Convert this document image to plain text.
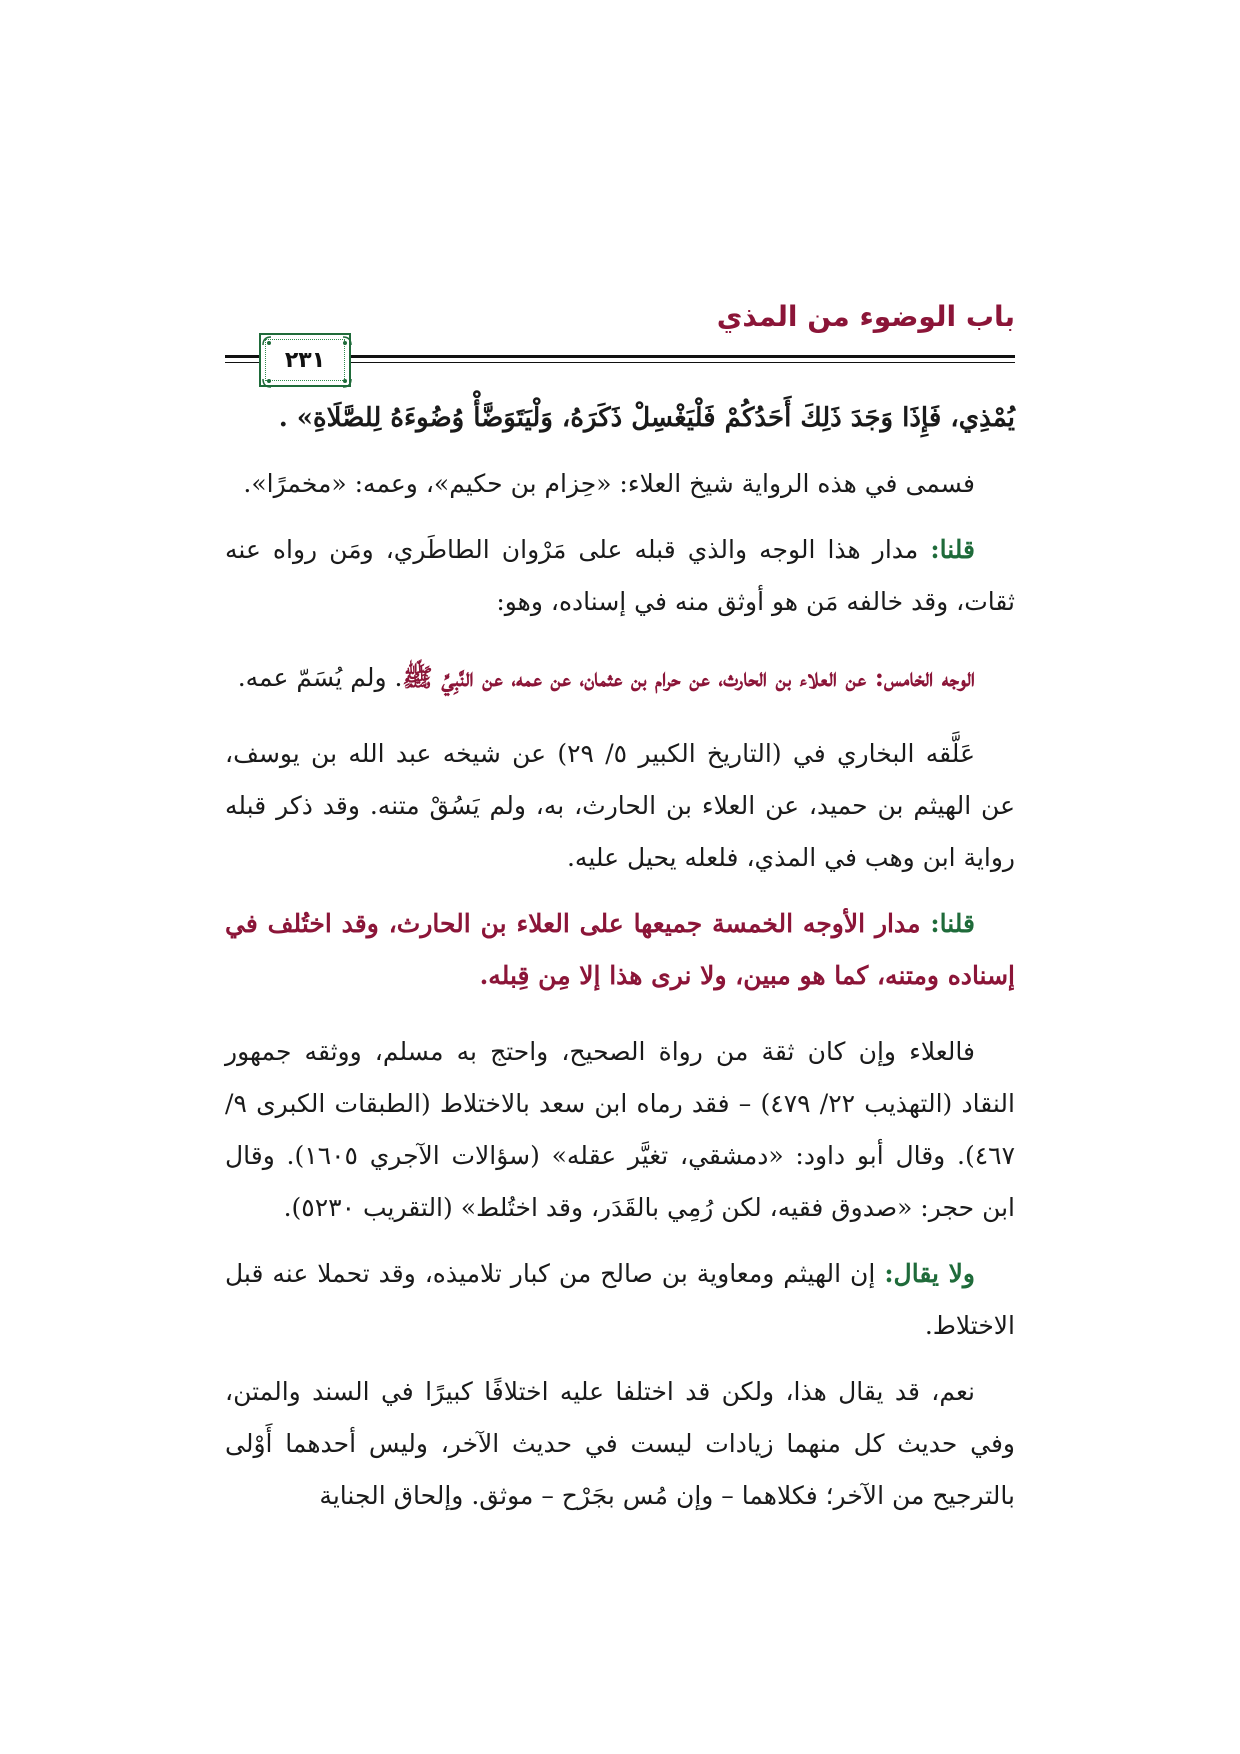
باب الوضوء من المذي
٢٣١

يُمْذِي، فَإِذَا وَجَدَ ذَلِكَ أَحَدُكُمْ فَلْيَغْسِلْ ذَكَرَهُ، وَلْيَتَوَضَّأْ وُضُوءَهُ لِلصَّلَاةِ» .

فسمى في هذه الرواية شيخ العلاء: «حِزام بن حكيم»، وعمه: «مخمرًا».

قلنا: مدار هذا الوجه والذي قبله على مَرْوان الطاطَري، ومَن رواه عنه ثقات، وقد خالفه مَن هو أوثق منه في إسناده، وهو:

الوجه الخامس: عن العلاء بن الحارث، عن حرام بن عثمان، عن عمه، عن النَّبِيِّ ﷺ. ولم يُسَمّ عمه.

عَلَّقه البخاري في (التاريخ الكبير ٥/ ٢٩) عن شيخه عبد الله بن يوسف، عن الهيثم بن حميد، عن العلاء بن الحارث، به، ولم يَسُقْ متنه. وقد ذكر قبله رواية ابن وهب في المذي، فلعله يحيل عليه.

قلنا: مدار الأوجه الخمسة جميعها على العلاء بن الحارث، وقد اختُلف في إسناده ومتنه، كما هو مبين، ولا نرى هذا إلا مِن قِبله.

فالعلاء وإن كان ثقة من رواة الصحيح، واحتج به مسلم، ووثقه جمهور النقاد (التهذيب ٢٢/ ٤٧٩) – فقد رماه ابن سعد بالاختلاط (الطبقات الكبرى ٩/ ٤٦٧). وقال أبو داود: «دمشقي، تغيَّر عقله» (سؤالات الآجري ١٦٠٥). وقال ابن حجر: «صدوق فقيه، لكن رُمِي بالقَدَر، وقد اختُلط» (التقريب ٥٢٣٠).

ولا يقال: إن الهيثم ومعاوية بن صالح من كبار تلاميذه، وقد تحملا عنه قبل الاختلاط.

نعم، قد يقال هذا، ولكن قد اختلفا عليه اختلافًا كبيرًا في السند والمتن، وفي حديث كل منهما زيادات ليست في حديث الآخر، وليس أحدهما أَوْلى بالترجيح من الآخر؛ فكلاهما – وإن مُس بجَرْح – موثق. وإلحاق الجناية
